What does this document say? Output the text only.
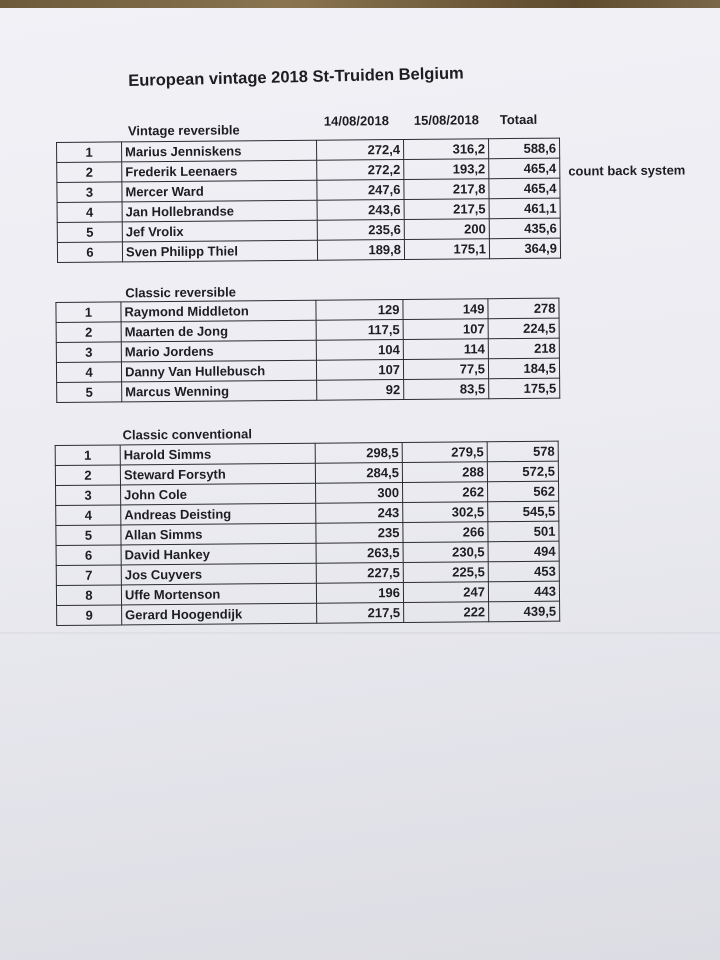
European vintage 2018 St-Truiden Belgium
14/08/2018 15/08/2018 Totaal
Vintage reversible
1	Marius Jenniskens	272,4	316,2	588,6
2	Frederik Leenaers	272,2	193,2	465,4
3	Mercer Ward	247,6	217,8	465,4
4	Jan Hollebrandse	243,6	217,5	461,1
5	Jef Vrolix	235,6	200	435,6
6	Sven Philipp Thiel	189,8	175,1	364,9
count back system
Classic reversible
1	Raymond Middleton	129	149	278
2	Maarten de Jong	117,5	107	224,5
3	Mario Jordens	104	114	218
4	Danny Van Hullebusch	107	77,5	184,5
5	Marcus Wenning	92	83,5	175,5
Classic conventional
1	Harold Simms	298,5	279,5	578
2	Steward Forsyth	284,5	288	572,5
3	John Cole	300	262	562
4	Andreas Deisting	243	302,5	545,5
5	Allan Simms	235	266	501
6	David Hankey	263,5	230,5	494
7	Jos Cuyvers	227,5	225,5	453
8	Uffe Mortenson	196	247	443
9	Gerard Hoogendijk	217,5	222	439,5
